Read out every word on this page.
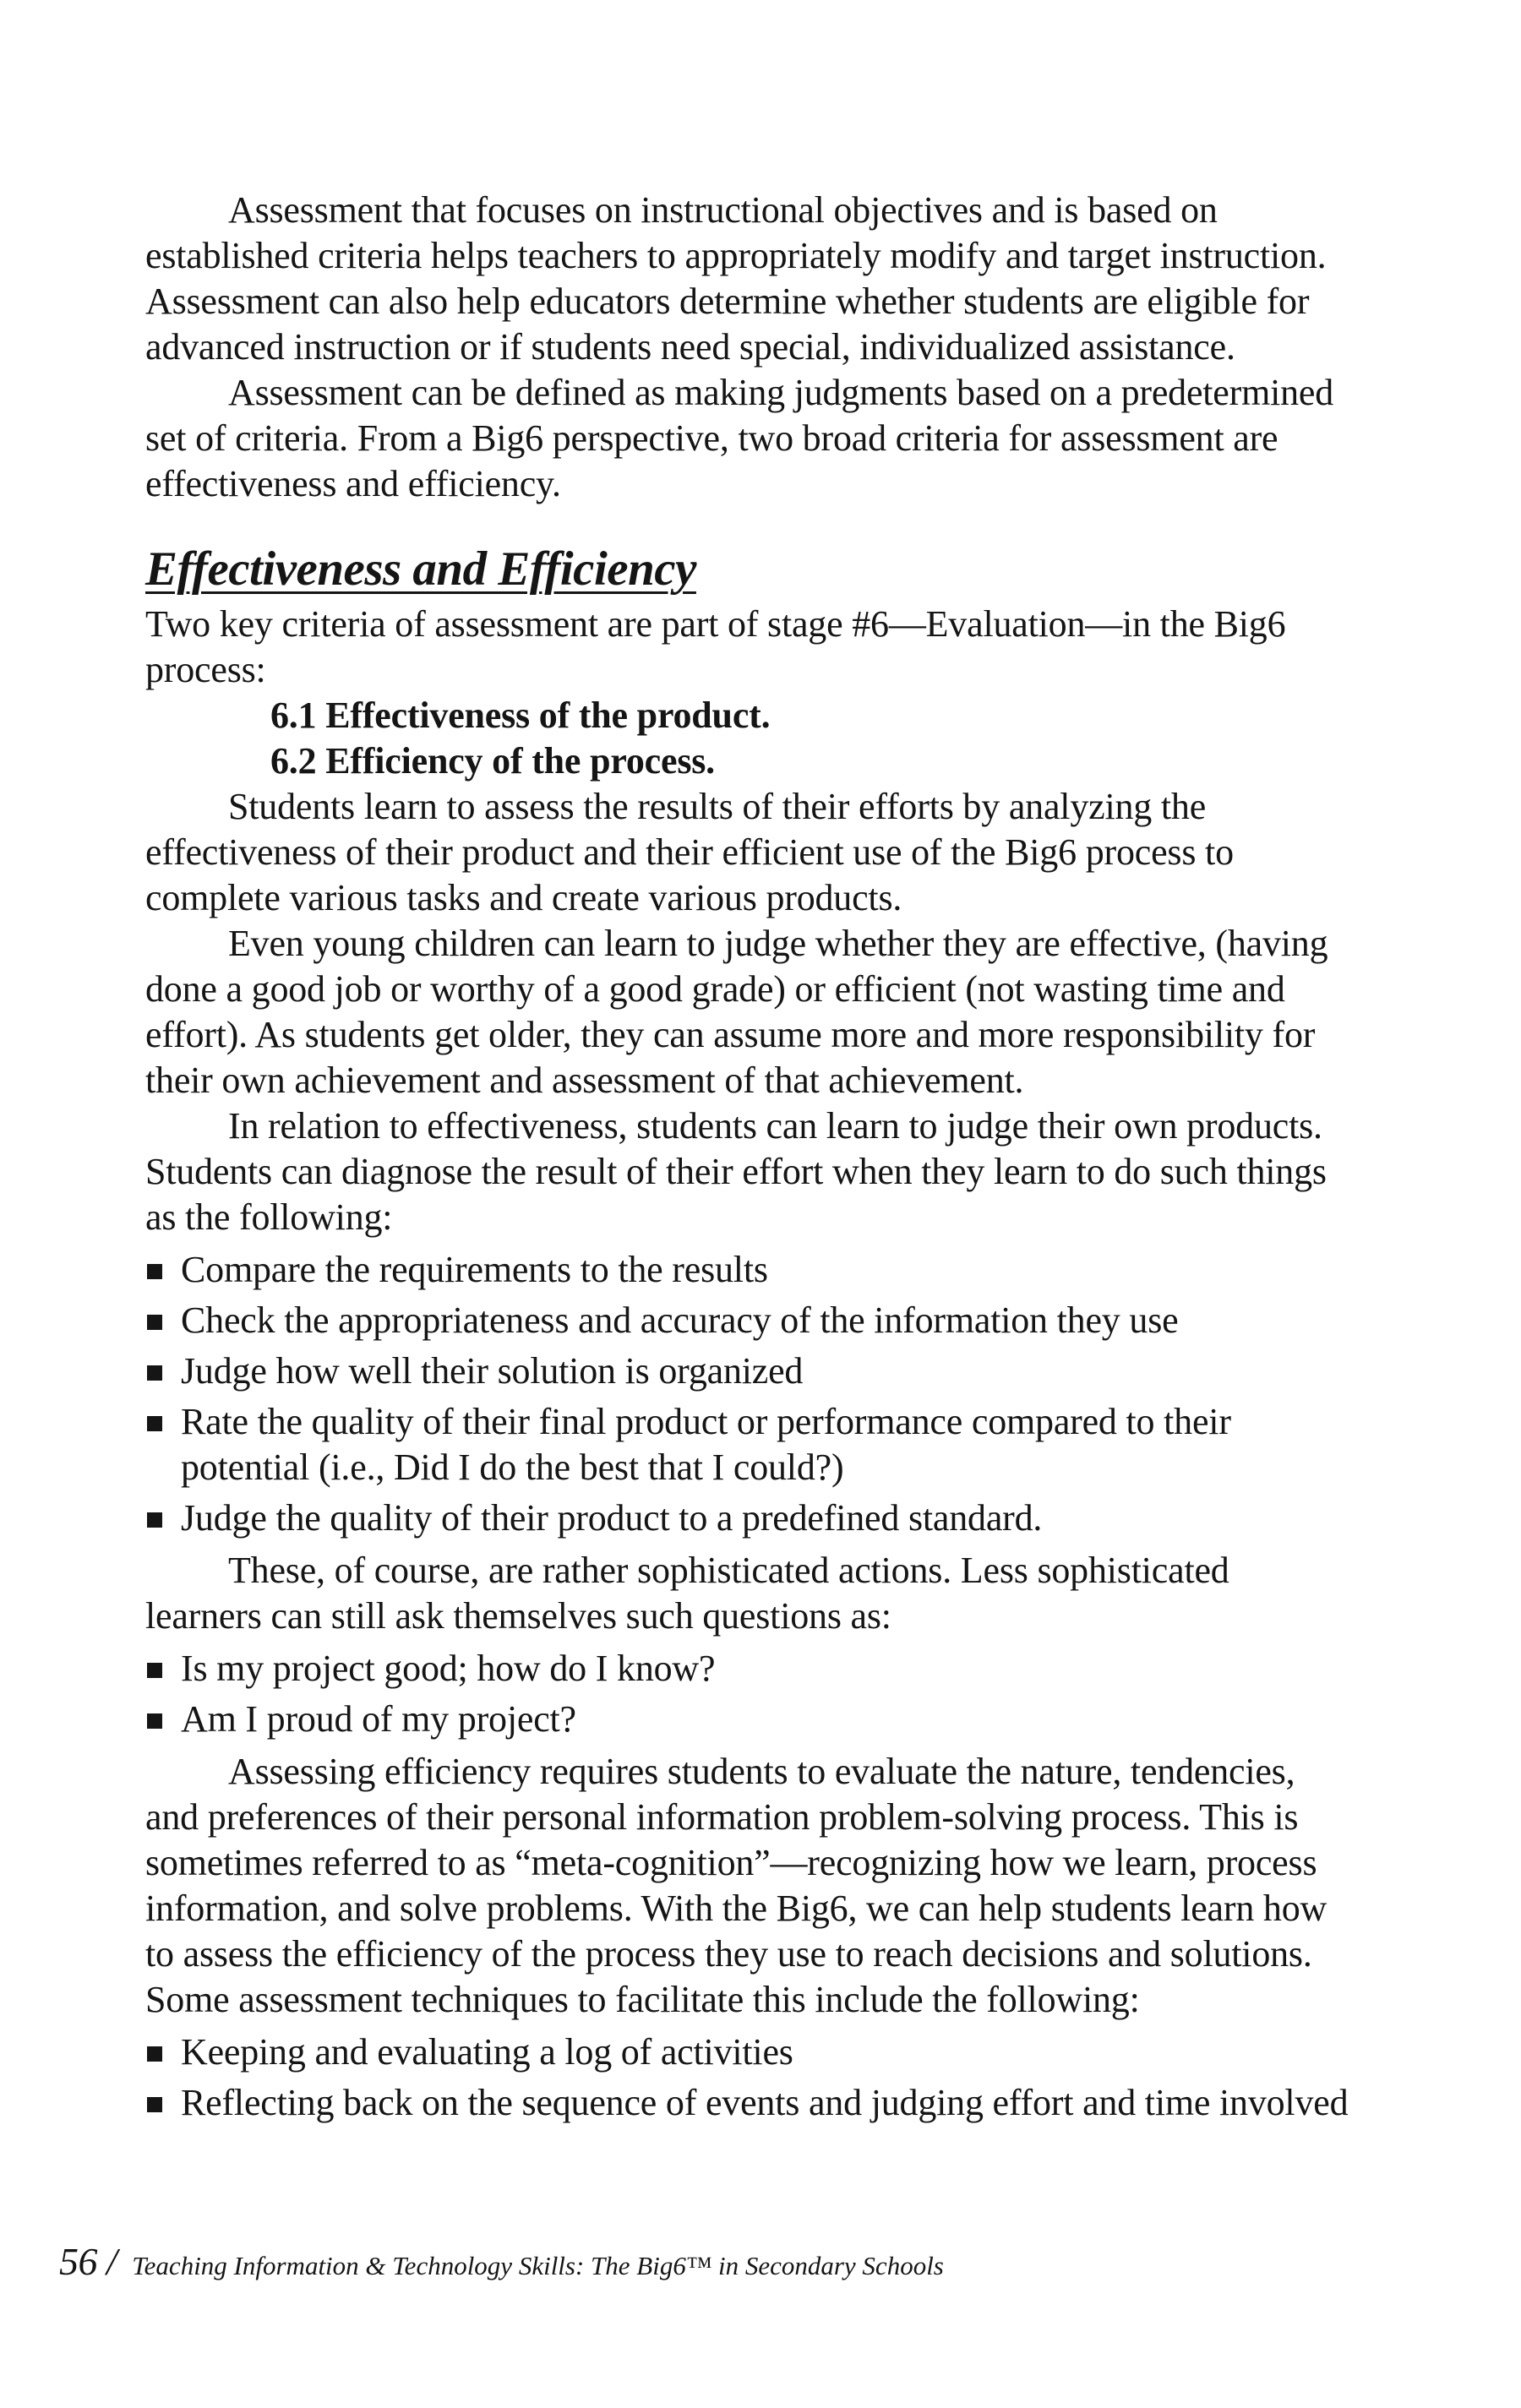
Assessment that focuses on instructional objectives and is based on established criteria helps teachers to appropriately modify and target instruction. Assessment can also help educators determine whether students are eligible for advanced instruction or if students need special, individualized assistance.

Assessment can be defined as making judgments based on a predetermined set of criteria. From a Big6 perspective, two broad criteria for assessment are effectiveness and efficiency.

Effectiveness and Efficiency

Two key criteria of assessment are part of stage #6—Evaluation—in the Big6 process:

6.1 Effectiveness of the product.

6.2 Efficiency of the process.

Students learn to assess the results of their efforts by analyzing the effectiveness of their product and their efficient use of the Big6 process to complete various tasks and create various products.

Even young children can learn to judge whether they are effective, (having done a good job or worthy of a good grade) or efficient (not wasting time and effort). As students get older, they can assume more and more responsibility for their own achievement and assessment of that achievement.

In relation to effectiveness, students can learn to judge their own products. Students can diagnose the result of their effort when they learn to do such things as the following:

Compare the requirements to the results
Check the appropriateness and accuracy of the information they use
Judge how well their solution is organized
Rate the quality of their final product or performance compared to their potential (i.e., Did I do the best that I could?)
Judge the quality of their product to a predefined standard.

These, of course, are rather sophisticated actions. Less sophisticated learners can still ask themselves such questions as:

Is my project good; how do I know?
Am I proud of my project?

Assessing efficiency requires students to evaluate the nature, tendencies, and preferences of their personal information problem-solving process. This is sometimes referred to as “meta-cognition”—recognizing how we learn, process information, and solve problems. With the Big6, we can help students learn how to assess the efficiency of the process they use to reach decisions and solutions. Some assessment techniques to facilitate this include the following:

Keeping and evaluating a log of activities
Reflecting back on the sequence of events and judging effort and time involved
56 / Teaching Information & Technology Skills: The Big6™ in Secondary Schools
